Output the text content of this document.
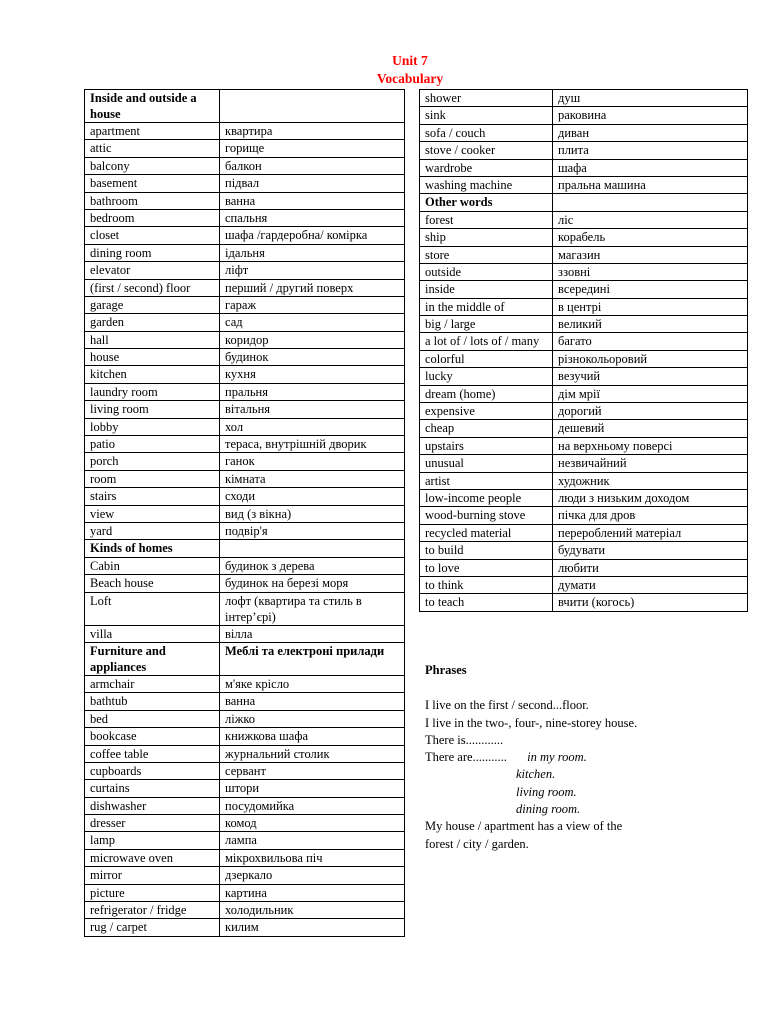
Unit 7
Vocabulary
Inside and outside a house	
apartment	квартира
attic	горище
balcony	балкон
basement	підвал
bathroom	ванна
bedroom	спальня
closet	шафа /гардеробна/ комірка
dining room	ідальня
elevator	ліфт
(first / second) floor	перший / другий поверх
garage	гараж
garden	сад
hall	коридор
house	будинок
kitchen	кухня
laundry room	пральня
living room	вітальня
lobby	хол
patio	тераса, внутрішній дворик
porch	ганок
room	кімната
stairs	сходи
view	вид (з вікна)
yard	подвір'я
Kinds of homes	
Cabin	будинок з дерева
Beach house	будинок на березі моря
Loft	лофт (квартира та стиль в інтер’єрі)
villa	вілла
Furniture and appliances	Меблі та електроні прилади
armchair	м'яке крісло
bathtub	ванна
bed	ліжко
bookcase	книжкова шафа
coffee table	журнальний столик
cupboards	сервант
curtains	штори
dishwasher	посудомийка
dresser	комод
lamp	лампа
microwave oven	мікрохвильова піч
mirror	дзеркало
picture	картина
refrigerator / fridge	холодильник
rug / carpet	килим
shower	душ
sink	раковина
sofa / couch	диван
stove / cooker	плита
wardrobe	шафа
washing machine	пральна машина
Other words	
forest	ліс
ship	корабель
store	магазин
outside	ззовні
inside	всередині
in the middle of	в центрі
big / large	великий
a lot of / lots of / many	багато
colorful	різнокольоровий
lucky	везучий
dream (home)	дім мрії
expensive	дорогий
cheap	дешевий
upstairs	на верхньому поверсі
unusual	незвичайний
artist	художник
low-income people	люди з низьким доходом
wood-burning stove	пічка для дров
recycled material	перероблений матеріал
to build	будувати
to love	любити
to think	думати
to teach	вчити (когось)
Phrases
I live on the first / second...floor.
I live in the two-, four-, nine-storey house.
There is............
There are........... in my room.
kitchen.
living room.
dining room.
My house / apartment has a view of the
forest / city / garden.
